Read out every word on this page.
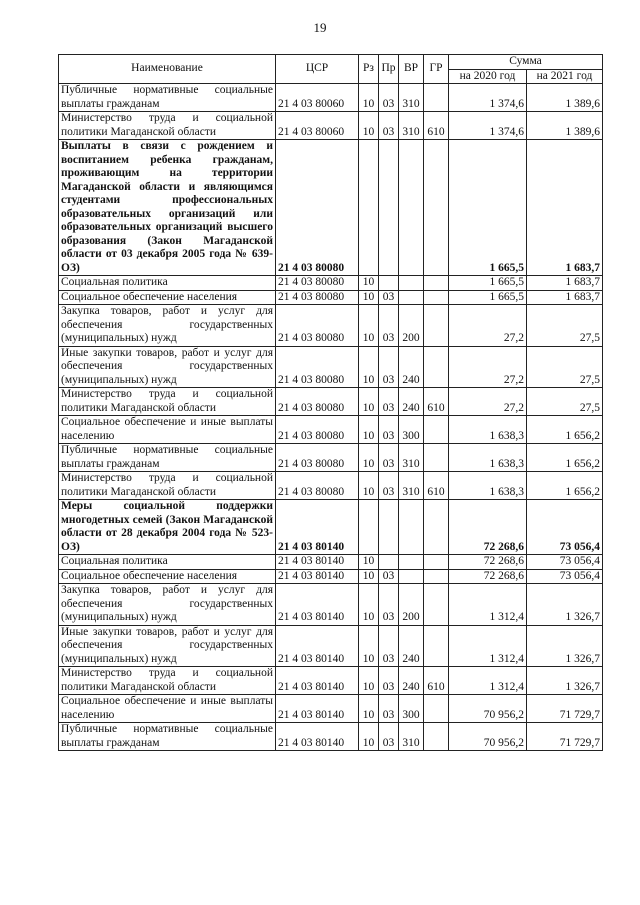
19
Наименование	ЦСР	Рз	Пр	ВР	ГР	Сумма	
						на 2020 год	на 2021 год
Публичные нормативные социальные выплаты гражданам	21 4 03 80060	10	03	310		1 374,6	1 389,6
Министерство труда и социальной политики Магаданской области	21 4 03 80060	10	03	310	610	1 374,6	1 389,6
Выплаты в связи с рождением и воспитанием ребенка гражданам, проживающим на территории Магаданской области и являющимся студентами профессиональных образовательных организаций или образовательных организаций высшего образования (Закон Магаданской области от 03 декабря 2005 года № 639-ОЗ)	21 4 03 80080					1 665,5	1 683,7
Социальная политика	21 4 03 80080	10				1 665,5	1 683,7
Социальное обеспечение населения	21 4 03 80080	10	03			1 665,5	1 683,7
Закупка товаров, работ и услуг для обеспечения государственных (муниципальных) нужд	21 4 03 80080	10	03	200		27,2	27,5
Иные закупки товаров, работ и услуг для обеспечения государственных (муниципальных) нужд	21 4 03 80080	10	03	240		27,2	27,5
Министерство труда и социальной политики Магаданской области	21 4 03 80080	10	03	240	610	27,2	27,5
Социальное обеспечение и иные выплаты населению	21 4 03 80080	10	03	300		1 638,3	1 656,2
Публичные нормативные социальные выплаты гражданам	21 4 03 80080	10	03	310		1 638,3	1 656,2
Министерство труда и социальной политики Магаданской области	21 4 03 80080	10	03	310	610	1 638,3	1 656,2
Меры социальной поддержки многодетных семей (Закон Магаданской области от 28 декабря 2004 года № 523-ОЗ)	21 4 03 80140					72 268,6	73 056,4
Социальная политика	21 4 03 80140	10				72 268,6	73 056,4
Социальное обеспечение населения	21 4 03 80140	10	03			72 268,6	73 056,4
Закупка товаров, работ и услуг для обеспечения государственных (муниципальных) нужд	21 4 03 80140	10	03	200		1 312,4	1 326,7
Иные закупки товаров, работ и услуг для обеспечения государственных (муниципальных) нужд	21 4 03 80140	10	03	240		1 312,4	1 326,7
Министерство труда и социальной политики Магаданской области	21 4 03 80140	10	03	240	610	1 312,4	1 326,7
Социальное обеспечение и иные выплаты населению	21 4 03 80140	10	03	300		70 956,2	71 729,7
Публичные нормативные социальные выплаты гражданам	21 4 03 80140	10	03	310		70 956,2	71 729,7
